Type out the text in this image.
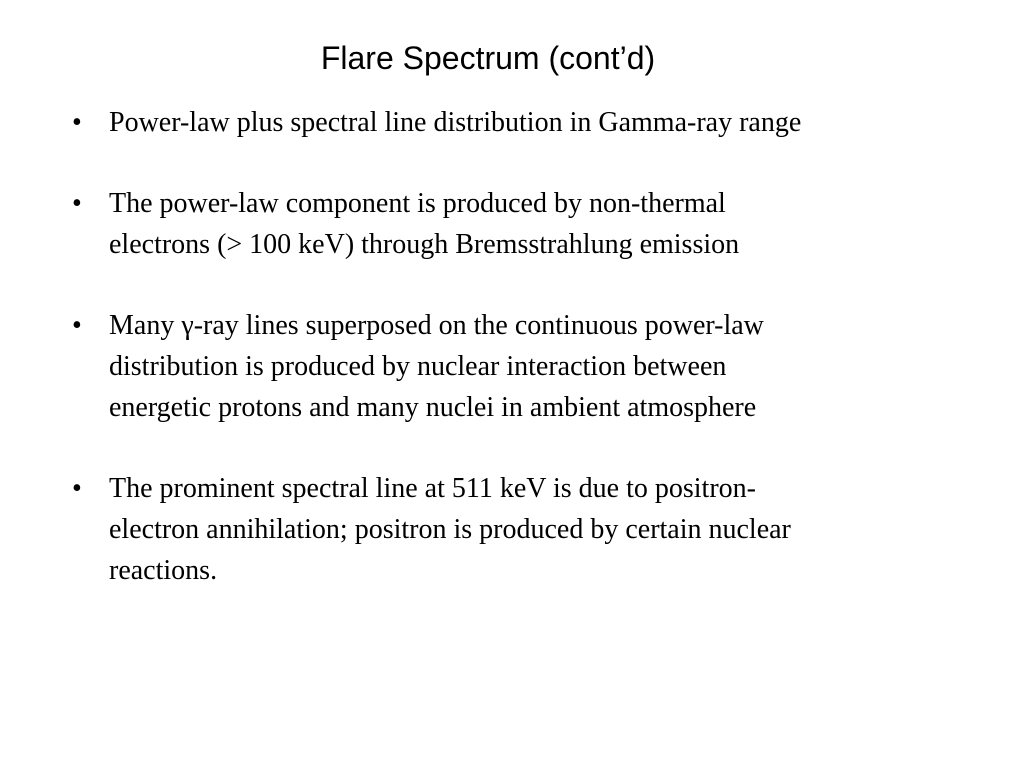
Flare Spectrum (cont’d)
• Power-law plus spectral line distribution in Gamma-ray range
• The power-law component is produced by non-thermal
electrons (> 100 keV) through Bremsstrahlung emission
• Many γ-ray lines superposed on the continuous power-law
distribution is produced by nuclear interaction between
energetic protons and many nuclei in ambient atmosphere
• The prominent spectral line at 511 keV is due to positron-
electron annihilation; positron is produced by certain nuclear
reactions.
